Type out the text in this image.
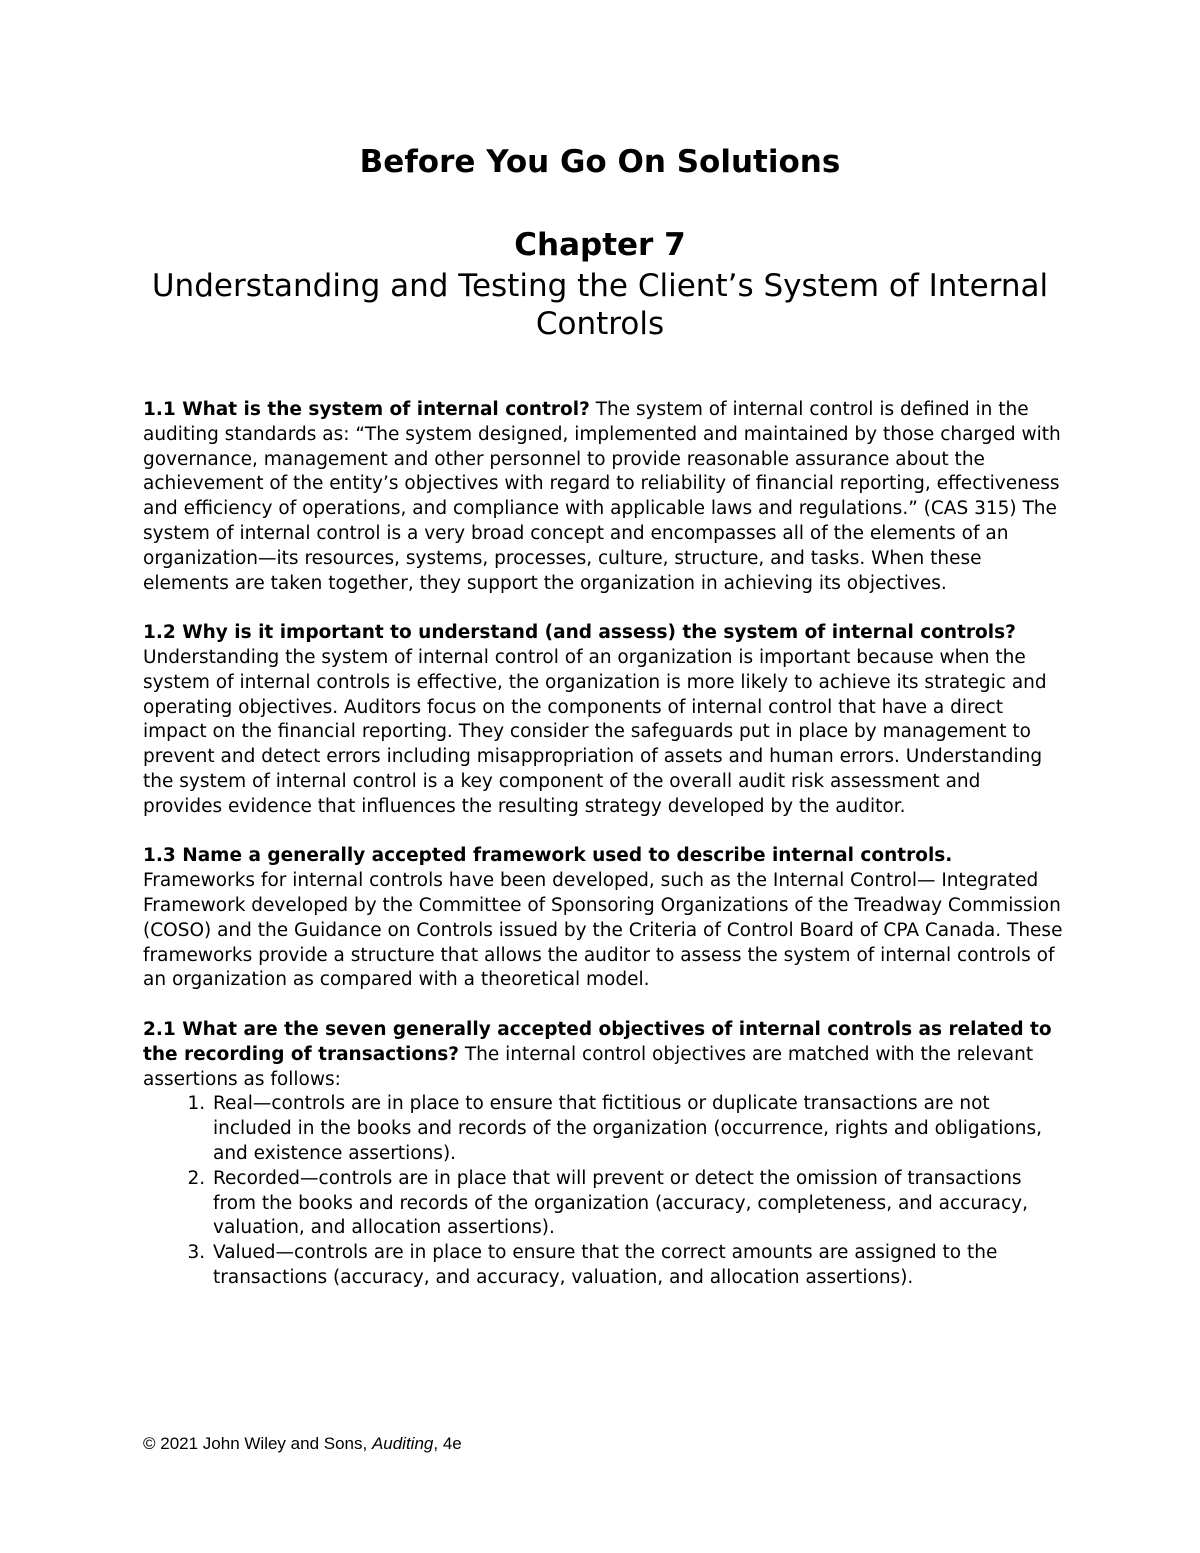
Before You Go On Solutions
Chapter 7
Understanding and Testing the Client’s System of Internal Controls

1.1 What is the system of internal control? The system of internal control is defined in the auditing standards as: “The system designed, implemented and maintained by those charged with governance, management and other personnel to provide reasonable assurance about the achievement of the entity’s objectives with regard to reliability of financial reporting, effectiveness and efficiency of operations, and compliance with applicable laws and regulations.” (CAS 315) The system of internal control is a very broad concept and encompasses all of the elements of an organization—its resources, systems, processes, culture, structure, and tasks. When these elements are taken together, they support the organization in achieving its objectives.

1.2 Why is it important to understand (and assess) the system of internal controls? Understanding the system of internal control of an organization is important because when the system of internal controls is effective, the organization is more likely to achieve its strategic and operating objectives. Auditors focus on the components of internal control that have a direct impact on the financial reporting. They consider the safeguards put in place by management to prevent and detect errors including misappropriation of assets and human errors. Understanding the system of internal control is a key component of the overall audit risk assessment and provides evidence that influences the resulting strategy developed by the auditor.

1.3 Name a generally accepted framework used to describe internal controls. Frameworks for internal controls have been developed, such as the Internal Control— Integrated Framework developed by the Committee of Sponsoring Organizations of the Treadway Commission (COSO) and the Guidance on Controls issued by the Criteria of Control Board of CPA Canada. These frameworks provide a structure that allows the auditor to assess the system of internal controls of an organization as compared with a theoretical model.

2.1 What are the seven generally accepted objectives of internal controls as related to the recording of transactions? The internal control objectives are matched with the relevant assertions as follows:
1. Real—controls are in place to ensure that fictitious or duplicate transactions are not included in the books and records of the organization (occurrence, rights and obligations, and existence assertions).
2. Recorded—controls are in place that will prevent or detect the omission of transactions from the books and records of the organization (accuracy, completeness, and accuracy, valuation, and allocation assertions).
3. Valued—controls are in place to ensure that the correct amounts are assigned to the transactions (accuracy, and accuracy, valuation, and allocation assertions).
© 2021 John Wiley and Sons, Auditing, 4e
